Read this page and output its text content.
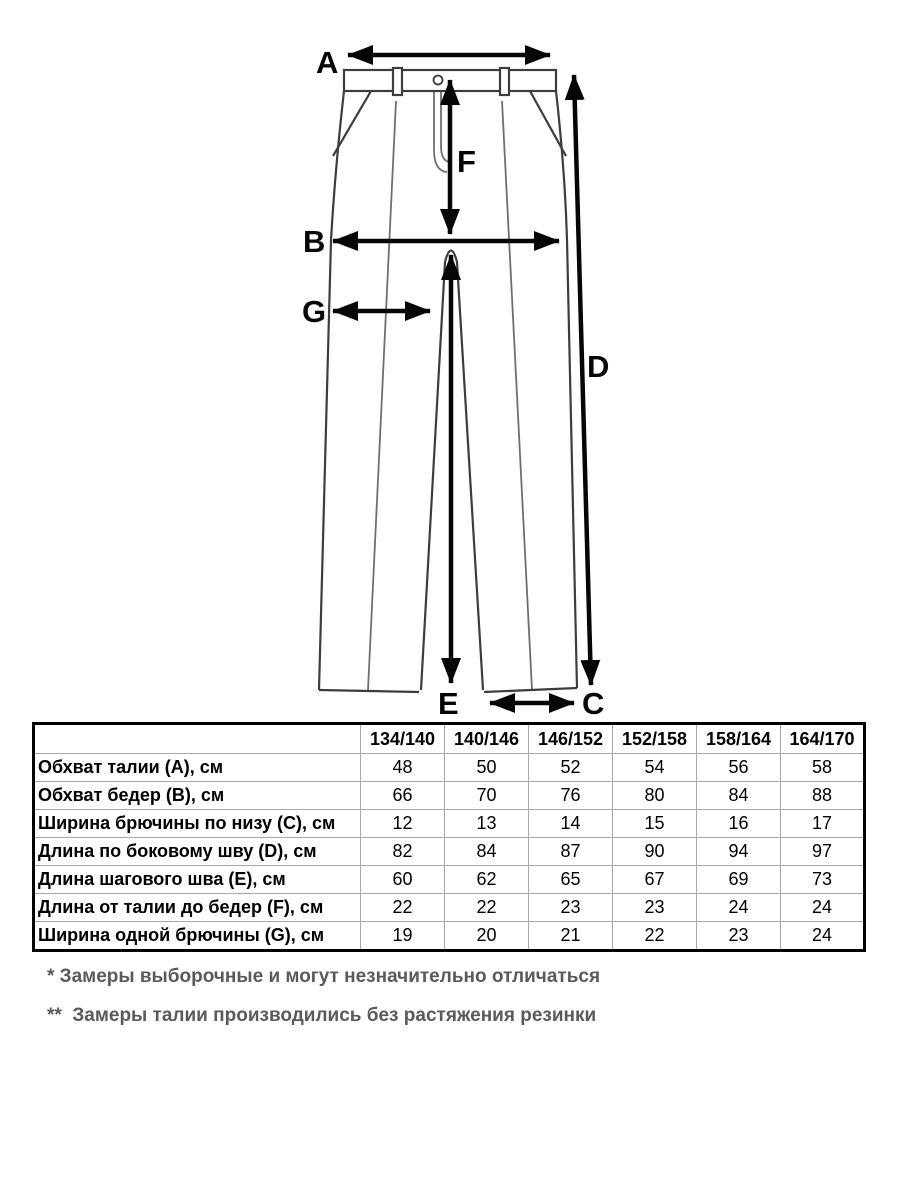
A
B
G
F
D
E	C
	134/140	140/146	146/152	152/158	158/164	164/170
Обхват талии (A), см	48	50	52	54	56	58
Обхват бедер (B), см	66	70	76	80	84	88
Ширина брючины по низу (C), см	12	13	14	15	16	17
Длина по боковому шву (D), см	82	84	87	90	94	97
Длина шагового шва (E), см	60	62	65	67	69	73
Длина от талии до бедер (F), см	22	22	23	23	24	24
Ширина одной брючины (G), см	19	20	21	22	23	24

* Замеры выборочные и могут незначительно отличаться

**  Замеры талии производились без растяжения резинки
